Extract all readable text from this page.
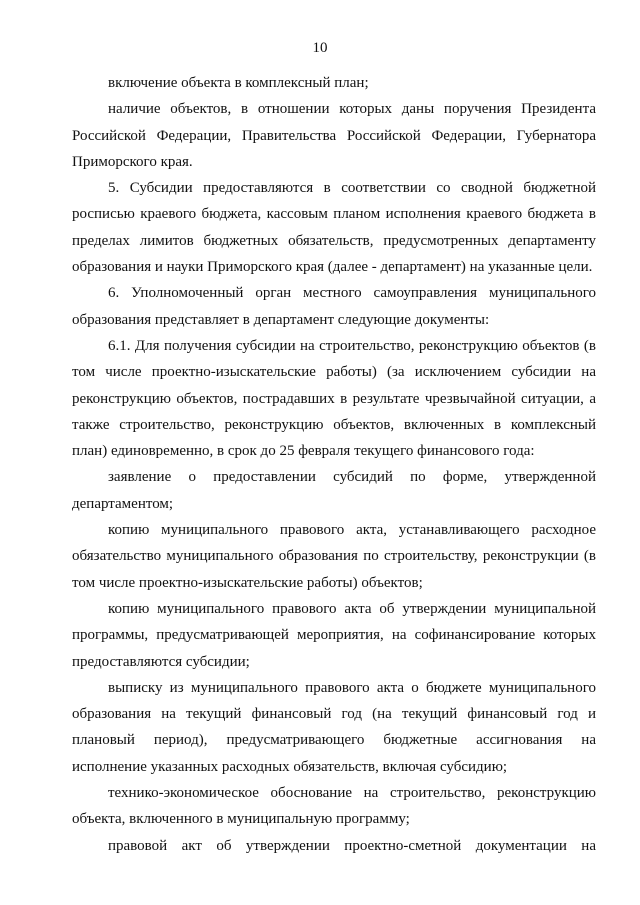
10

включение объекта в комплексный план;

наличие объектов, в отношении которых даны поручения Президента Российской Федерации, Правительства Российской Федерации, Губернатора Приморского края.

5. Субсидии предоставляются в соответствии со сводной бюджетной росписью краевого бюджета, кассовым планом исполнения краевого бюджета в пределах лимитов бюджетных обязательств, предусмотренных департаменту образования и науки Приморского края (далее - департамент) на указанные цели.

6. Уполномоченный орган местного самоуправления муниципального образования представляет в департамент следующие документы:

6.1. Для получения субсидии на строительство, реконструкцию объектов (в том числе проектно-изыскательские работы) (за исключением субсидии на реконструкцию объектов, пострадавших в результате чрезвычайной ситуации, а также строительство, реконструкцию объектов, включенных в комплексный план) единовременно, в срок до 25 февраля текущего финансового года:

заявление о предоставлении субсидий по форме, утвержденной департаментом;

копию муниципального правового акта, устанавливающего расходное обязательство муниципального образования по строительству, реконструкции (в том числе проектно-изыскательские работы) объектов;

копию муниципального правового акта об утверждении муниципальной программы, предусматривающей мероприятия, на софинансирование которых предоставляются субсидии;

выписку из муниципального правового акта о бюджете муниципального образования на текущий финансовый год (на текущий финансовый год и плановый период), предусматривающего бюджетные ассигнования на исполнение указанных расходных обязательств, включая субсидию;

технико-экономическое обоснование на строительство, реконструкцию объекта, включенного в муниципальную программу;

правовой акт об утверждении проектно-сметной документации на
